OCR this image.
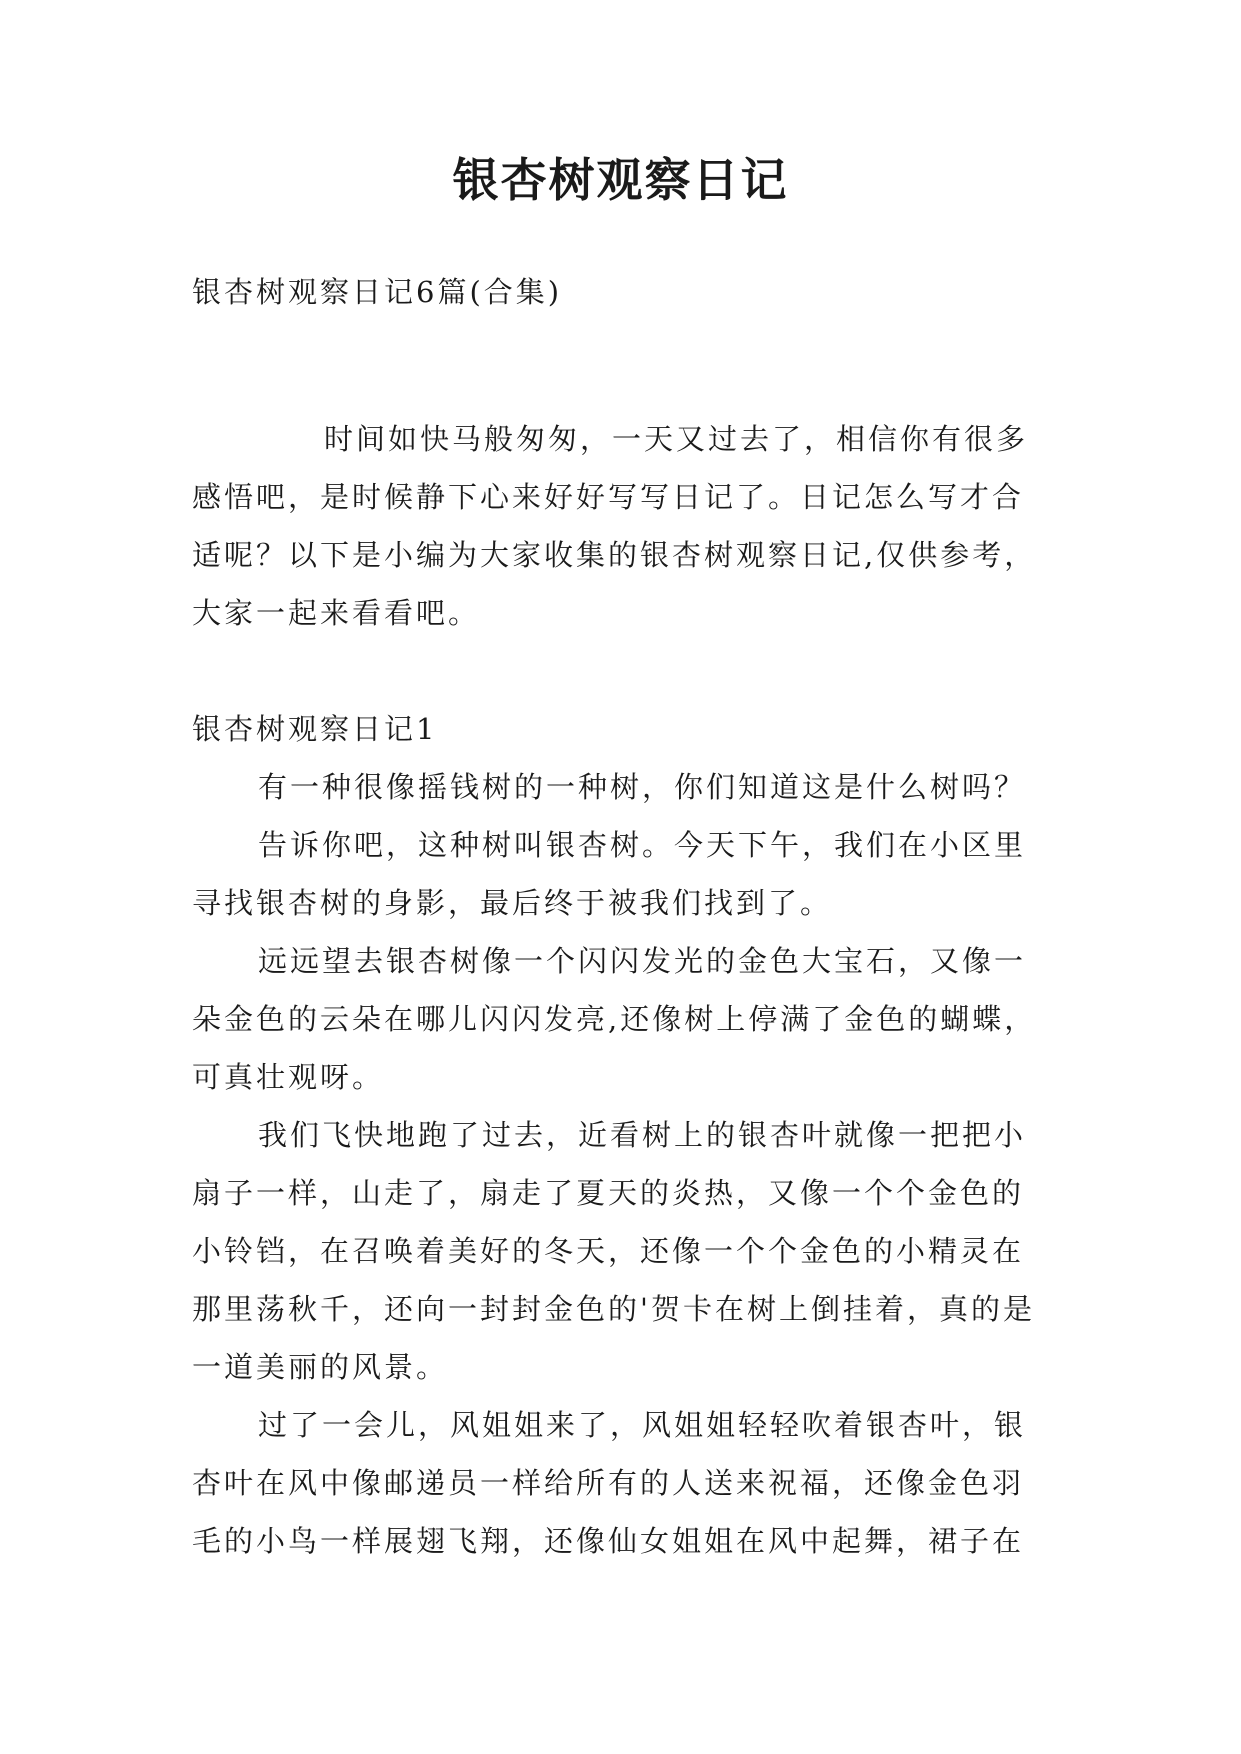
银杏树观察日记
银杏树观察日记6篇(合集)

时间如快马般匆匆，一天又过去了，相信你有很多感悟吧，是时候静下心来好好写写日记了。日记怎么写才合适呢？以下是小编为大家收集的银杏树观察日记,仅供参考，大家一起来看看吧。

银杏树观察日记1

有一种很像摇钱树的一种树，你们知道这是什么树吗？

告诉你吧，这种树叫银杏树。今天下午，我们在小区里寻找银杏树的身影，最后终于被我们找到了。

远远望去银杏树像一个闪闪发光的金色大宝石，又像一朵金色的云朵在哪儿闪闪发亮,还像树上停满了金色的蝴蝶，可真壮观呀。

我们飞快地跑了过去，近看树上的银杏叶就像一把把小扇子一样，山走了，扇走了夏天的炎热，又像一个个金色的小铃铛，在召唤着美好的冬天，还像一个个金色的小精灵在那里荡秋千，还向一封封金色的'贺卡在树上倒挂着，真的是一道美丽的风景。

过了一会儿，风姐姐来了，风姐姐轻轻吹着银杏叶，银杏叶在风中像邮递员一样给所有的人送来祝福，还像金色羽毛的小鸟一样展翅飞翔，还像仙女姐姐在风中起舞，裙子在
